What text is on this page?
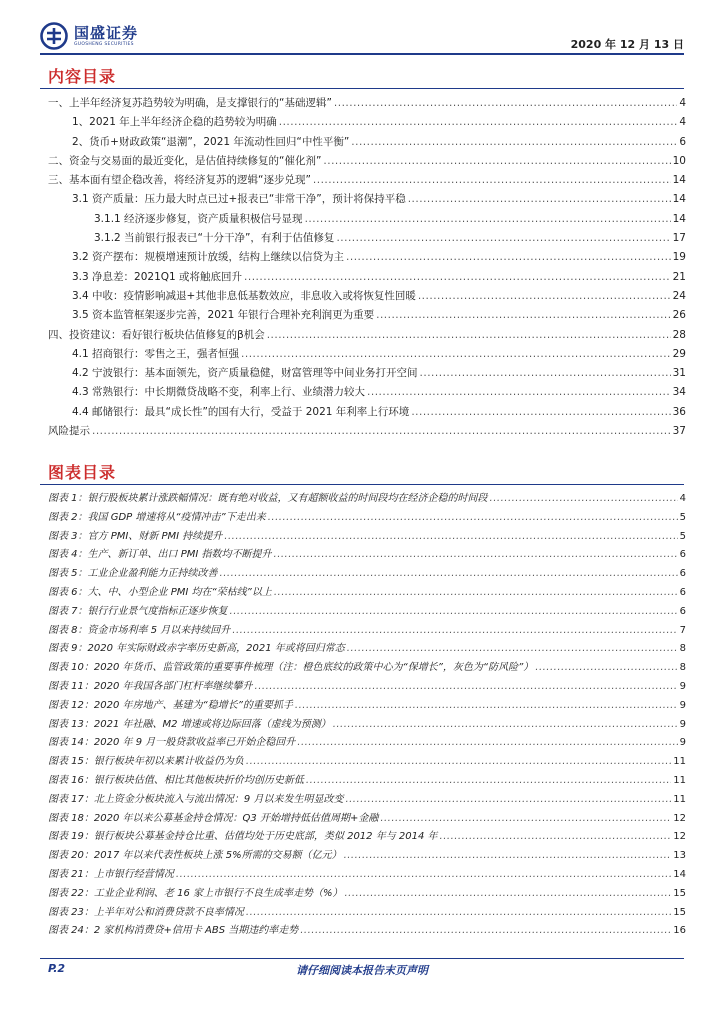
国盛证券
GUOSHENG SECURITIES	2020 年 12 月 13 日
内容目录
一、上半年经济复苏趋势较为明确，是支撑银行的“基础逻辑” .....	4
1、2021 年上半年经济企稳的趋势较为明确 .....	4
2、货币+财政政策“退潮”，2021 年流动性回归“中性平衡” .....	6
二、资金与交易面的最近变化，是估值持续修复的“催化剂” .....	10
三、基本面有望企稳改善，将经济复苏的逻辑“逐步兑现” .....	14
3.1 资产质量：压力最大时点已过+报表已“非常干净”，预计将保持平稳 .....	14
3.1.1 经济逐步修复，资产质量积极信号显现 .....	14
3.1.2 当前银行报表已“十分干净”，有利于估值修复 .....	17
3.2 资产摆布：规模增速预计放缓，结构上继续以信贷为主 .....	19
3.3 净息差：2021Q1 或将触底回升 .....	21
3.4 中收：疫情影响减退+其他非息低基数效应，非息收入或将恢复性回暖 .....	24
3.5 资本监管框架逐步完善，2021 年银行合理补充利润更为重要 .....	26
四、投资建议：看好银行板块估值修复的β机会 .....	28
4.1 招商银行：零售之王，强者恒强 .....	29
4.2 宁波银行：基本面领先，资产质量稳健，财富管理等中间业务打开空间 .....	31
4.3 常熟银行：中长期微贷战略不变，利率上行、业绩潜力较大 .....	34
4.4 邮储银行：最具“成长性”的国有大行，受益于 2021 年利率上行环境 .....	36
风险提示 .....	37
图表目录
图表 1：银行股板块累计涨跌幅情况：既有绝对收益，又有超额收益的时间段均在经济企稳的时间段 .....	4
图表 2：我国 GDP 增速将从“疫情冲击”下走出来 .....	5
图表 3：官方 PMI、财新 PMI 持续提升 .....	5
图表 4：生产、新订单、出口 PMI 指数均不断提升 .....	6
图表 5：工业企业盈利能力正持续改善 .....	6
图表 6：大、中、小型企业 PMI 均在“荣枯线”以上 .....	6
图表 7：银行行业景气度指标正逐步恢复 .....	6
图表 8：资金市场利率 5 月以来持续回升 .....	7
图表 9：2020 年实际财政赤字率历史新高，2021 年或将回归常态 .....	8
图表 10：2020 年货币、监管政策的重要事件梳理（注：橙色底纹的政策中心为“保增长”，灰色为“防风险”） .....	8
图表 11：2020 年我国各部门杠杆率继续攀升 .....	9
图表 12：2020 年房地产、基建为“稳增长”的重要抓手 .....	9
图表 13：2021 年社融、M2 增速或将边际回落（虚线为预测） .....	9
图表 14：2020 年 9 月一般贷款收益率已开始企稳回升 .....	9
图表 15：银行板块年初以来累计收益仍为负 .....	11
图表 16：银行板块估值、相比其他板块折价均创历史新低 .....	11
图表 17：北上资金分板块流入与流出情况：9 月以来发生明显改变 .....	11
图表 18：2020 年以来公募基金持仓情况：Q3 开始增持低估值周期+金融 .....	12
图表 19：银行板块公募基金持仓比重、估值均处于历史底部，类似 2012 年与 2014 年 .....	12
图表 20：2017 年以来代表性板块上涨 5%所需的交易额（亿元） .....	13
图表 21：上市银行经营情况 .....	14
图表 22：工业企业利润、老 16 家上市银行不良生成率走势（%） .....	15
图表 23：上半年对公和消费贷款不良率情况 .....	15
图表 24：2 家机构消费贷+信用卡 ABS 当期违约率走势 .....	16
P.2	请仔细阅读本报告末页声明
